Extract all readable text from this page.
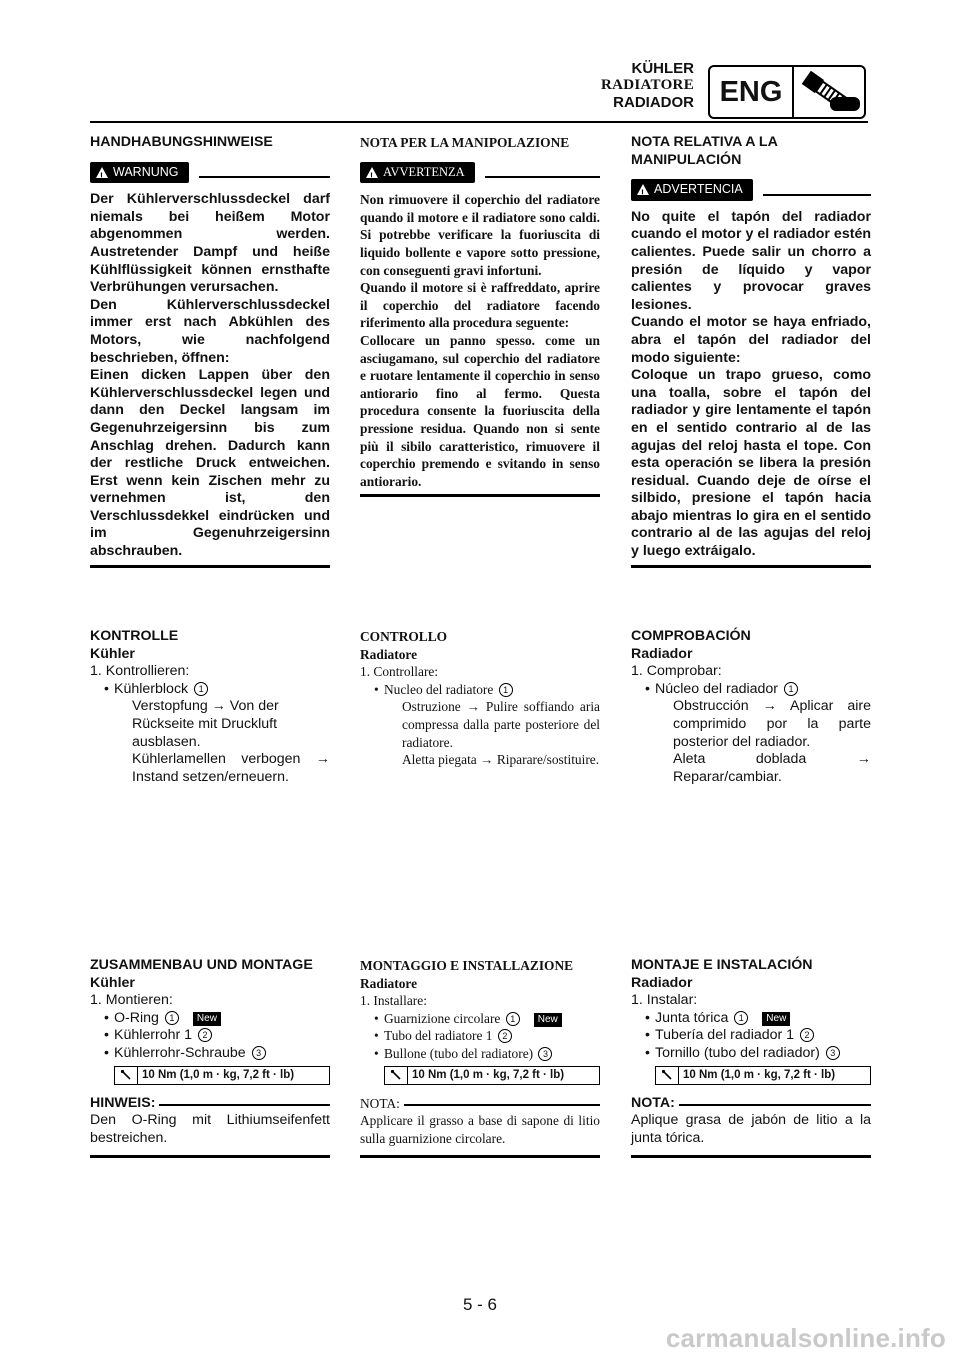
KÜHLER
RADIATORE
RADIADOR ENG
HANDHABUNGSHINWEISE
!
WARNUNG
Der Kühlerverschlussdeckel darf niemals bei heißem Motor abgenommen werden. Austretender Dampf und heiße Kühlflüssigkeit können ernsthafte Verbrühungen verursachen.
Den Kühlerverschlussdeckel immer erst nach Abkühlen des Motors, wie nachfolgend beschrieben, öffnen:
Einen dicken Lappen über den Kühlerverschlussdeckel legen und dann den Deckel langsam im Gegenuhrzeigersinn bis zum Anschlag drehen. Dadurch kann der restliche Druck entweichen. Erst wenn kein Zischen mehr zu vernehmen ist, den Verschlussdekkel eindrücken und im Gegenuhrzeigersinn abschrauben.
NOTA PER LA MANIPOLAZIONE
!
AVVERTENZA
Non rimuovere il coperchio del radiatore quando il motore e il radiatore sono caldi. Si potrebbe verificare la fuoriuscita di liquido bollente e vapore sotto pressione, con conseguenti gravi infortuni.
Quando il motore si è raffreddato, aprire il coperchio del radiatore facendo riferimento alla procedura seguente:
Collocare un panno spesso. come un asciugamano, sul coperchio del radiatore e ruotare lentamente il coperchio in senso antiorario fino al fermo. Questa procedura consente la fuoriuscita della pressione residua. Quando non si sente più il sibilo caratteristico, rimuovere il coperchio premendo e svitando in senso antiorario.
NOTA RELATIVA A LA MANIPULACIÓN
!
ADVERTENCIA
No quite el tapón del radiador cuando el motor y el radiador estén calientes. Puede salir un chorro a presión de líquido y vapor calientes y provocar graves lesiones.
Cuando el motor se haya enfriado, abra el tapón del radiador del modo siguiente:
Coloque un trapo grueso, como una toalla, sobre el tapón del radiador y gire lentamente el tapón en el sentido contrario al de las agujas del reloj hasta el tope. Con esta operación se libera la presión residual. Cuando deje de oírse el silbido, presione el tapón hacia abajo mientras lo gira en el sentido contrario al de las agujas del reloj y luego extráigalo.
KONTROLLE
Kühler
1. Kontrollieren:
• Kühlerblock 1
Verstopfung → Von der Rückseite mit Druckluft ausblasen.
Kühlerlamellen verbogen → Instand setzen/erneuern.
CONTROLLO
Radiatore
1. Controllare:
• Nucleo del radiatore 1
Ostruzione → Pulire soffiando aria compressa dalla parte posteriore del radiatore.
Aletta piegata → Riparare/sostituire.
COMPROBACIÓN
Radiador
1. Comprobar:
• Núcleo del radiador 1
Obstrucción → Aplicar aire comprimido por la parte posterior del radiador.
Aleta doblada → Reparar/cambiar.
ZUSAMMENBAU UND MONTAGE
Kühler
1. Montieren:
• O-Ring 1 New
• Kühlerrohr 1 2
• Kühlerrohr-Schraube 3
10 Nm (1,0 m · kg, 7,2 ft · lb)
HINWEIS:
Den O-Ring mit Lithiumseifenfett bestreichen.
MONTAGGIO E INSTALLAZIONE
Radiatore
1. Installare:
• Guarnizione circolare 1 New
• Tubo del radiatore 1 2
• Bullone (tubo del radiatore) 3
10 Nm (1,0 m · kg, 7,2 ft · lb)
NOTA:
Applicare il grasso a base di sapone di litio sulla guarnizione circolare.
MONTAJE E INSTALACIÓN
Radiador
1. Instalar:
• Junta tórica 1 New
• Tubería del radiador 1 2
• Tornillo (tubo del radiador) 3
10 Nm (1,0 m · kg, 7,2 ft · lb)
NOTA:
Aplique grasa de jabón de litio a la junta tórica.
5 - 6
carmanualsonline.info
